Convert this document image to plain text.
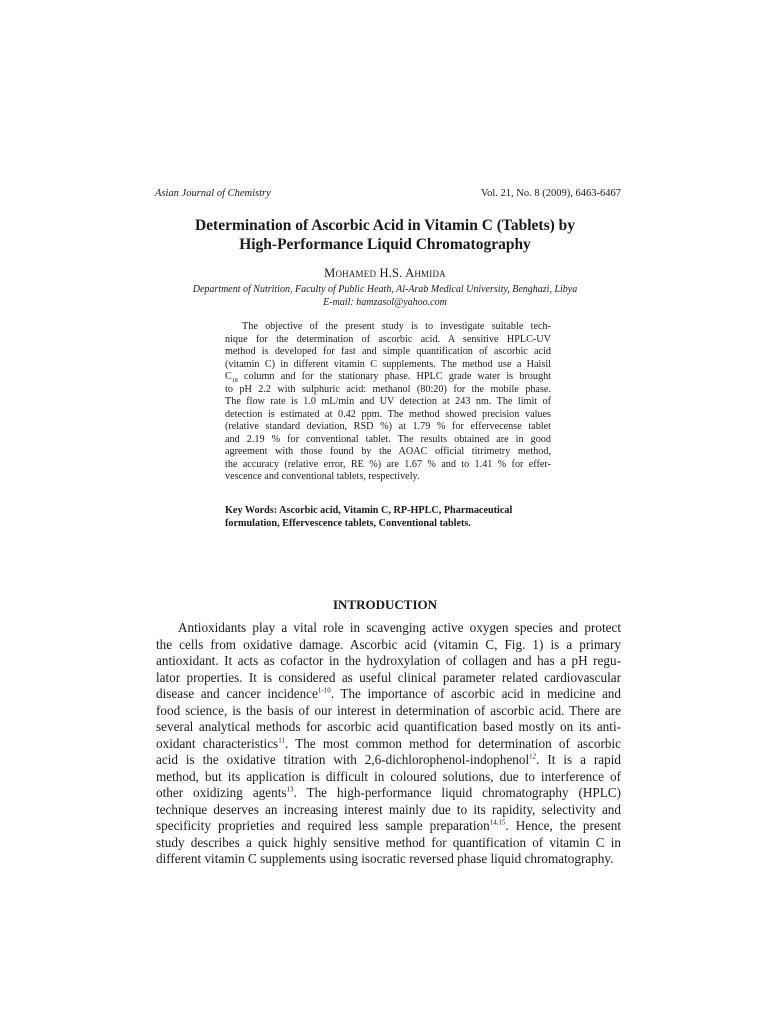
Asian Journal of Chemistry	Vol. 21, No. 8 (2009), 6463-6467
Determination of Ascorbic Acid in Vitamin C (Tablets) by
High-Performance Liquid Chromatography
Mohamed H.S. Ahmida
Department of Nutrition, Faculty of Public Heath, Al-Arab Medical University, Benghazi, Libya
E-mail: hamzasol@yahoo.com
The objective of the present study is to investigate suitable tech-
nique for the determination of ascorbic acid. A sensitive HPLC-UV
method is developed for fast and simple quantification of ascorbic acid
(vitamin C) in different vitamin C supplements. The method use a Haisil
$C_{18}$ column and for the stationary phase. HPLC grade water is brought
to pH 2.2 with sulphuric acid: methanol (80:20) for the mobile phase.
The flow rate is 1.0 mL/min and UV detection at 243 nm. The limit of
detection is estimated at 0.42 ppm. The method showed precision values
(relative standard deviation, RSD %) at 1.79 % for effervecense tablet
and 2.19 % for conventional tablet. The results obtained are in good
agreement with those found by the AOAC official titrimetry method,
the accuracy (relative error, RE %) are 1.67 % and to 1.41 % for effer-
vescence and conventional tablets, respectively.
Key Words: Ascorbic acid, Vitamin C, RP-HPLC, Pharmaceutical
formulation, Effervescence tablets, Conventional tablets.
INTRODUCTION
Antioxidants play a vital role in scavenging active oxygen species and protect
the cells from oxidative damage. Ascorbic acid (vitamin C, Fig. 1) is a primary
antioxidant. It acts as cofactor in the hydroxylation of collagen and has a pH regu-
lator properties. It is considered as useful clinical parameter related cardiovascular
disease and cancer incidence$^{1-10}$. The importance of ascorbic acid in medicine and
food science, is the basis of our interest in determination of ascorbic acid. There are
several analytical methods for ascorbic acid quantification based mostly on its anti-
oxidant characteristics$^{11}$. The most common method for determination of ascorbic
acid is the oxidative titration with 2,6-dichlorophenol-indophenol$^{12}$. It is a rapid
method, but its application is difficult in coloured solutions, due to interference of
other oxidizing agents$^{13}$. The high-performance liquid chromatography (HPLC)
technique deserves an increasing interest mainly due to its rapidity, selectivity and
specificity proprieties and required less sample preparation$^{14,15}$. Hence, the present
study describes a quick highly sensitive method for quantification of vitamin C in
different vitamin C supplements using isocratic reversed phase liquid chromatography.
